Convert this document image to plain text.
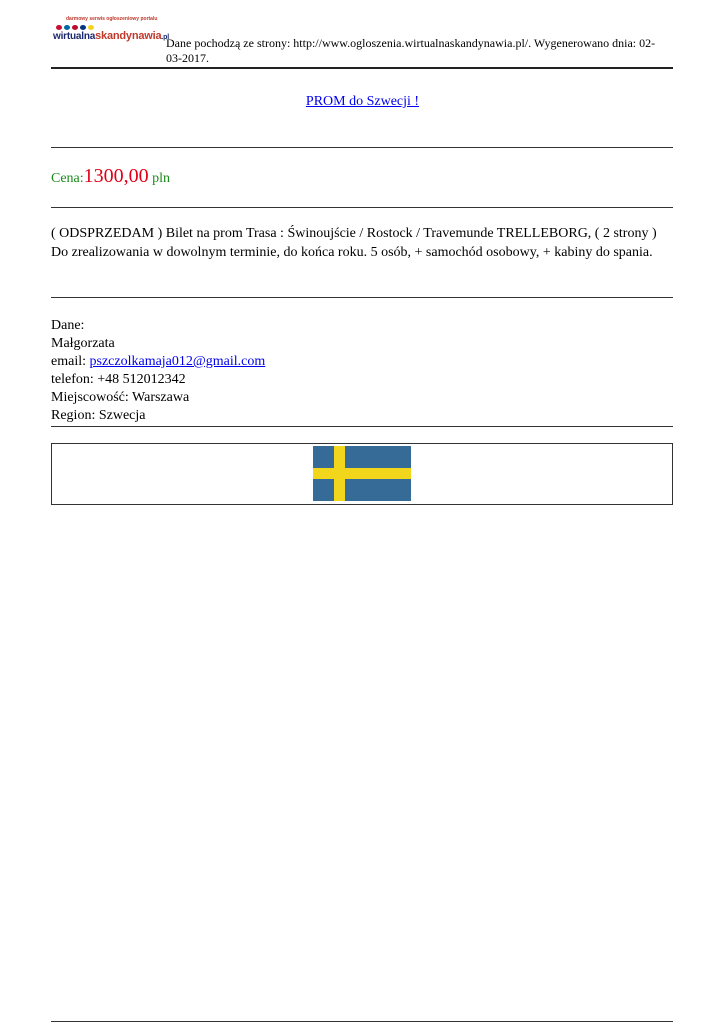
darmowy serwis ogłoszeniowy portalu
wirtualnaskandynawia.pl
Dane pochodzą ze strony: http://www.ogloszenia.wirtualnaskandynawia.pl/. Wygenerowano dnia: 02-03-2017.
PROM do Szwecji !
Cena:1300,00 pln
( ODSPRZEDAM ) Bilet na prom Trasa : Świnoujście / Rostock / Travemunde TRELLEBORG, ( 2 strony ) Do zrealizowania w dowolnym terminie, do końca roku. 5 osób, + samochód osobowy, + kabiny do spania.
Dane:
Małgorzata
email: pszczolkamaja012@gmail.com
telefon: +48 512012342
Miejscowość: Warszawa
Region: Szwecja
